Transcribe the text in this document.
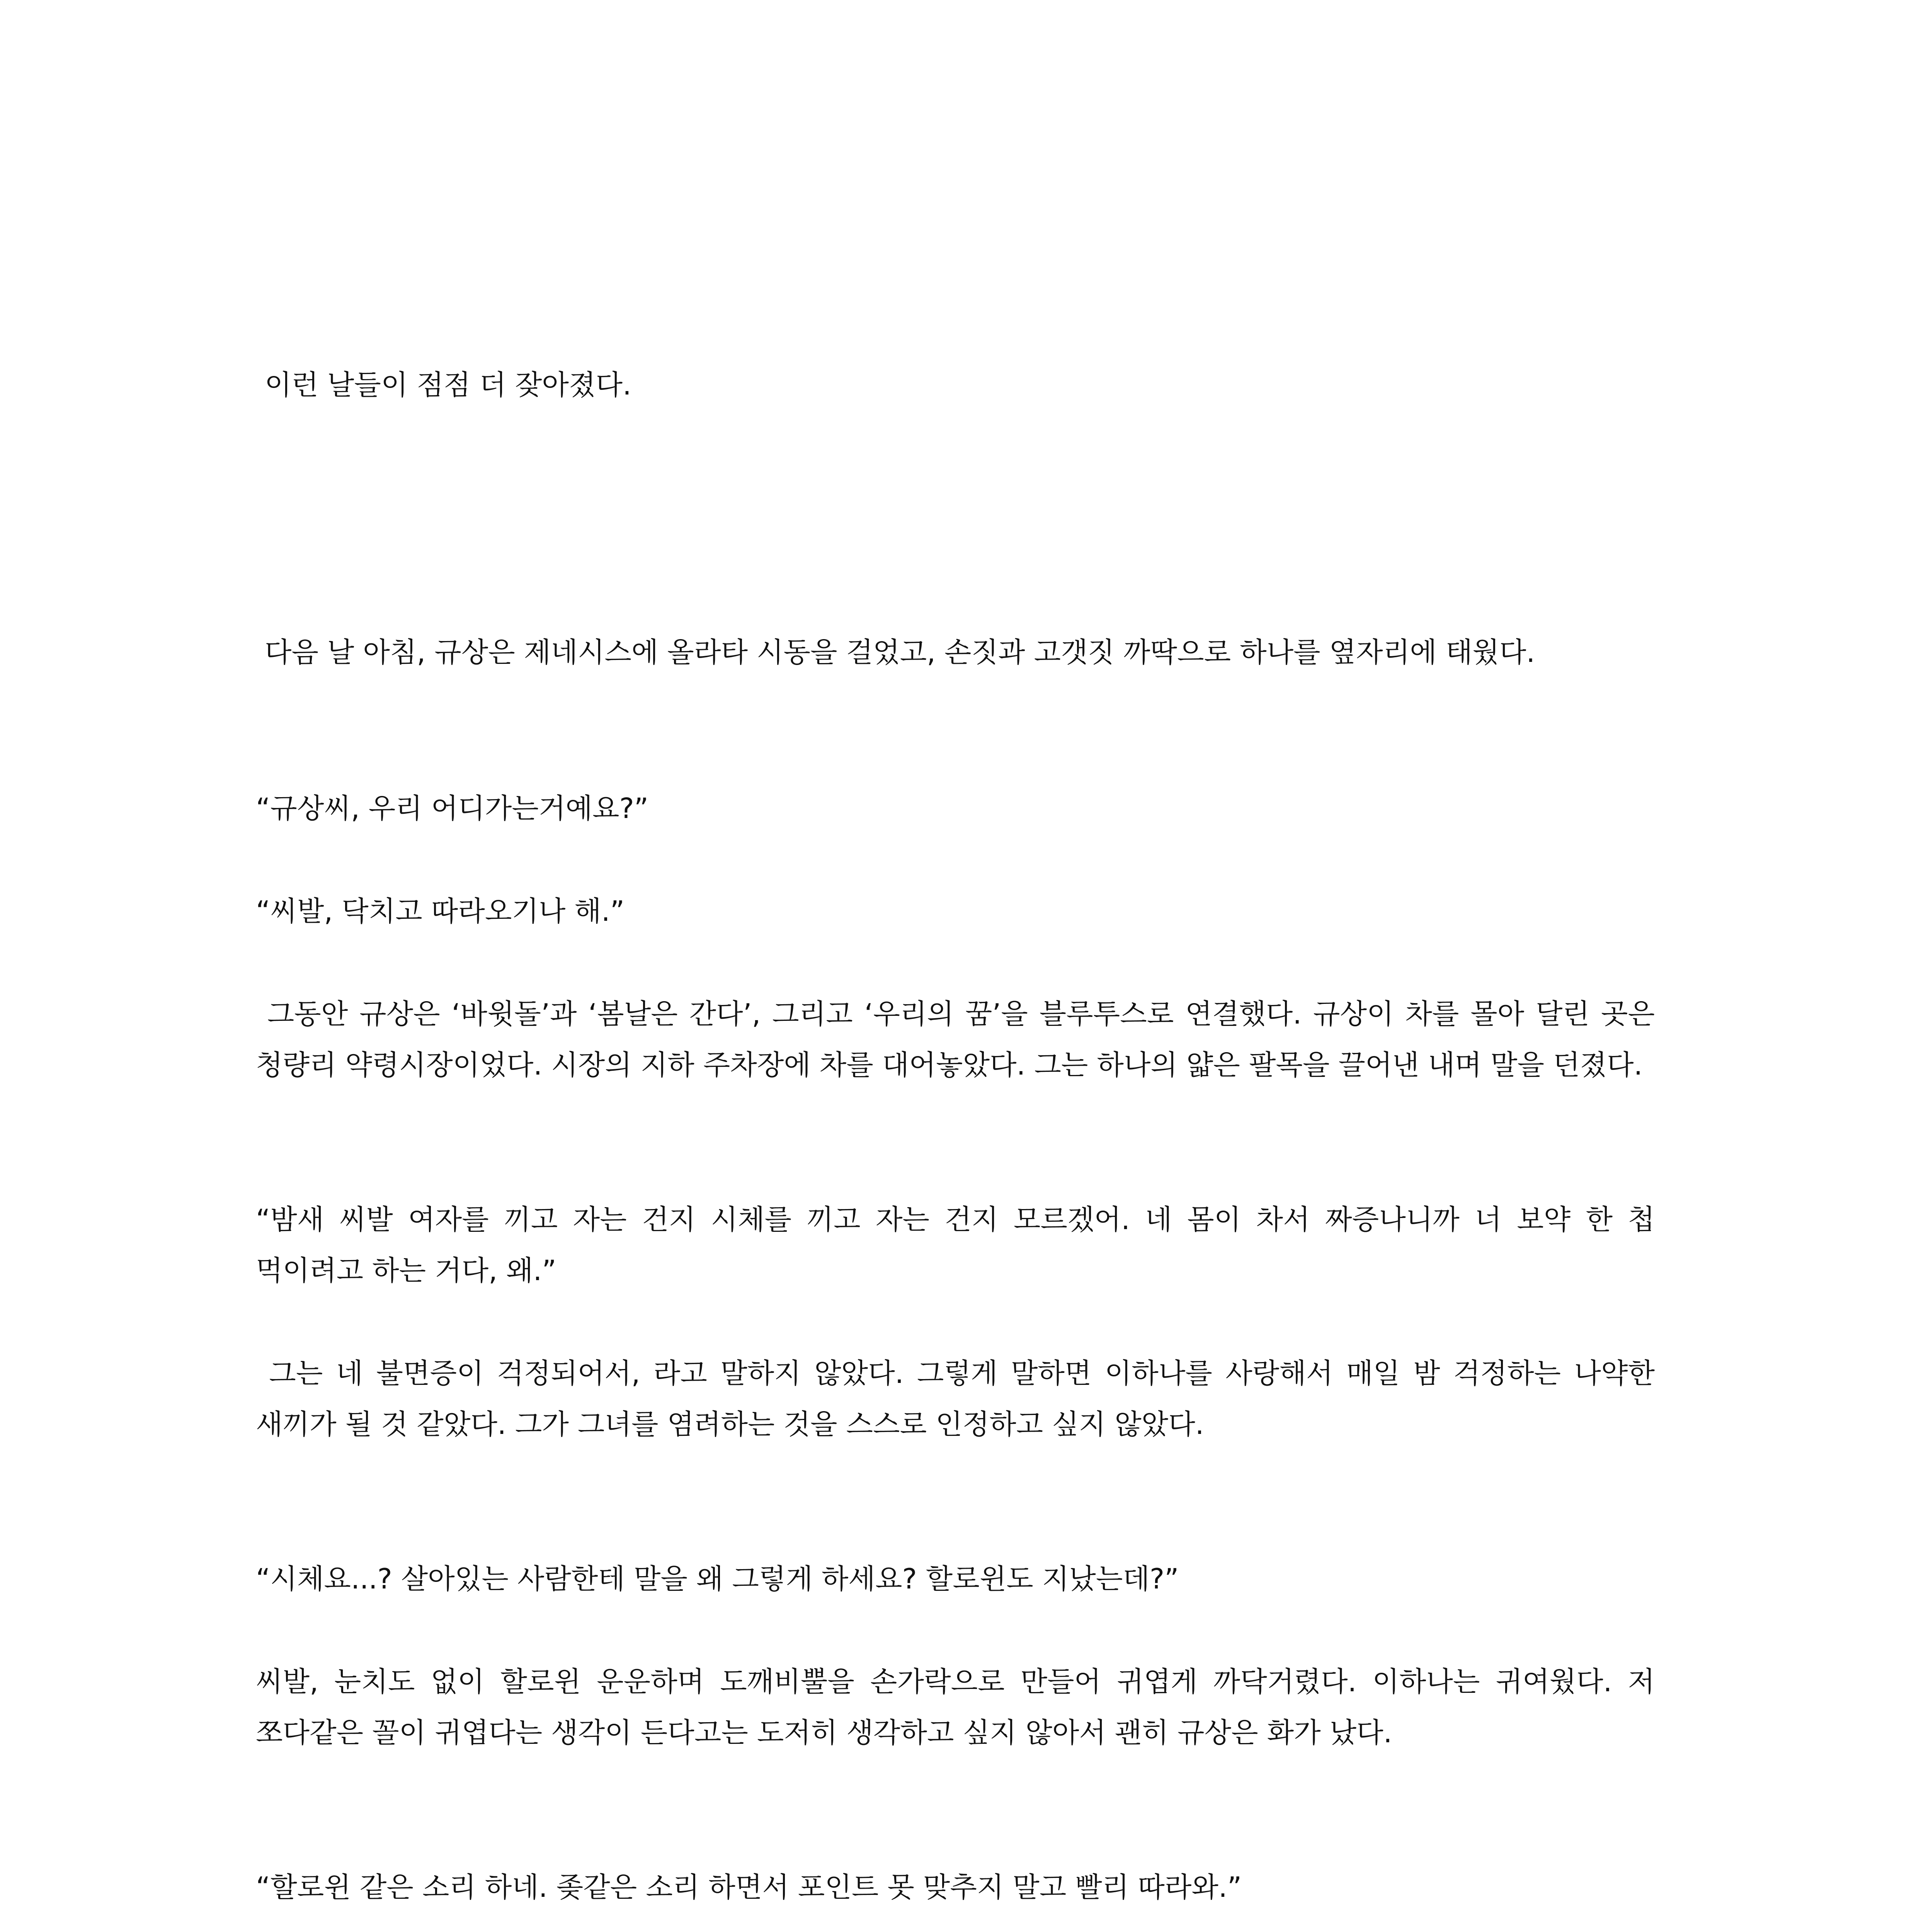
이런 날들이 점점 더 잦아졌다.

다음 날 아침, 규상은 제네시스에 올라타 시동을 걸었고, 손짓과 고갯짓 까딱으로 하나를 옆자리에 태웠다.

“규상씨, 우리 어디가는거예요?”

“씨발, 닥치고 따라오기나 해.”

그동안 규상은 ‘바윗돌’과 ‘봄날은 간다’, 그리고 ‘우리의 꿈’을 블루투스로 연결했다. 규상이 차를 몰아 달린 곳은 청량리 약령시장이었다. 시장의 지하 주차장에 차를 대어놓았다. 그는 하나의 얇은 팔목을 끌어낸 내며 말을 던졌다.

“밤새 씨발 여자를 끼고 자는 건지 시체를 끼고 자는 건지 모르겠어. 네 몸이 차서 짜증나니까 너 보약 한 첩 먹이려고 하는 거다, 왜.”

그는 네 불면증이 걱정되어서, 라고 말하지 않았다. 그렇게 말하면 이하나를 사랑해서 매일 밤 걱정하는 나약한 새끼가 될 것 같았다. 그가 그녀를 염려하는 것을 스스로 인정하고 싶지 않았다.

“시체요...? 살아있는 사람한테 말을 왜 그렇게 하세요? 할로윈도 지났는데?”

씨발, 눈치도 없이 할로윈 운운하며 도깨비뿔을 손가락으로 만들어 귀엽게 까닥거렸다. 이하나는 귀여웠다. 저 쪼다같은 꼴이 귀엽다는 생각이 든다고는 도저히 생각하고 싶지 않아서 괜히 규상은 화가 났다.

“할로윈 같은 소리 하네. 좆같은 소리 하면서 포인트 못 맞추지 말고 빨리 따라와.”
